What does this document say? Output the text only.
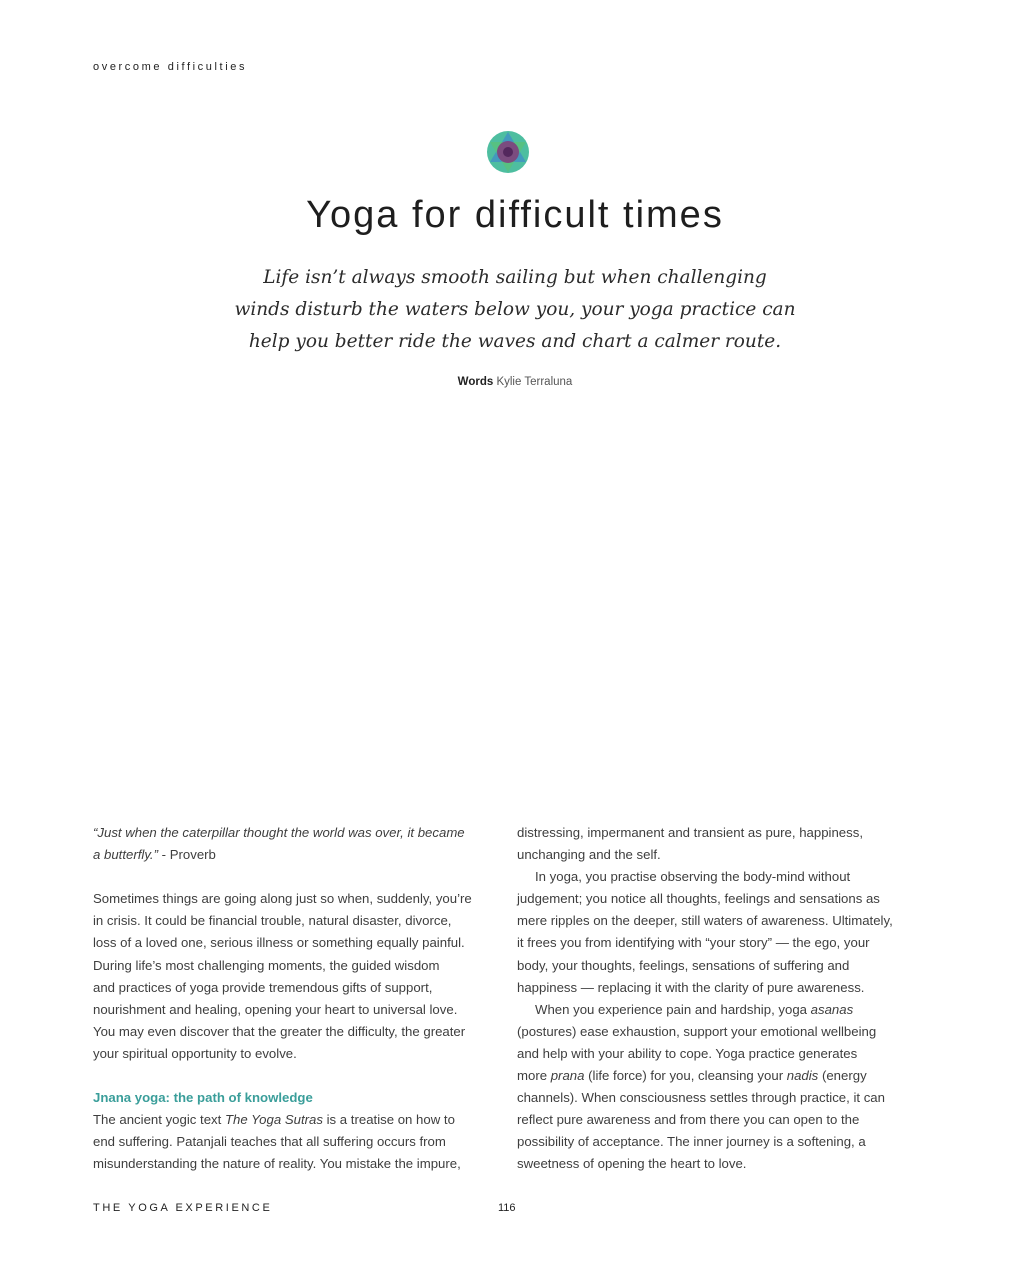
overcome difficulties
Yoga for difficult times
Life isn’t always smooth sailing but when challenging
winds disturb the waters below you, your yoga practice can
help you better ride the waves and chart a calmer route.
Words Kylie Terraluna
“Just when the caterpillar thought the world was over, it became
a butterfly.” - Proverb
Sometimes things are going along just so when, suddenly, you’re
in crisis. It could be financial trouble, natural disaster, divorce,
loss of a loved one, serious illness or something equally painful.
During life’s most challenging moments, the guided wisdom
and practices of yoga provide tremendous gifts of support,
nourishment and healing, opening your heart to universal love.
You may even discover that the greater the difficulty, the greater
your spiritual opportunity to evolve.
Jnana yoga: the path of knowledge
The ancient yogic text The Yoga Sutras is a treatise on how to
end suffering. Patanjali teaches that all suffering occurs from
misunderstanding the nature of reality. You mistake the impure,
distressing, impermanent and transient as pure, happiness,
unchanging and the self.
In yoga, you practise observing the body-mind without
judgement; you notice all thoughts, feelings and sensations as
mere ripples on the deeper, still waters of awareness. Ultimately,
it frees you from identifying with “your story” — the ego, your
body, your thoughts, feelings, sensations of suffering and
happiness — replacing it with the clarity of pure awareness.
When you experience pain and hardship, yoga asanas
(postures) ease exhaustion, support your emotional wellbeing
and help with your ability to cope. Yoga practice generates
more prana (life force) for you, cleansing your nadis (energy
channels). When consciousness settles through practice, it can
reflect pure awareness and from there you can open to the
possibility of acceptance. The inner journey is a softening, a
sweetness of opening the heart to love.
THE YOGA EXPERIENCE	116
